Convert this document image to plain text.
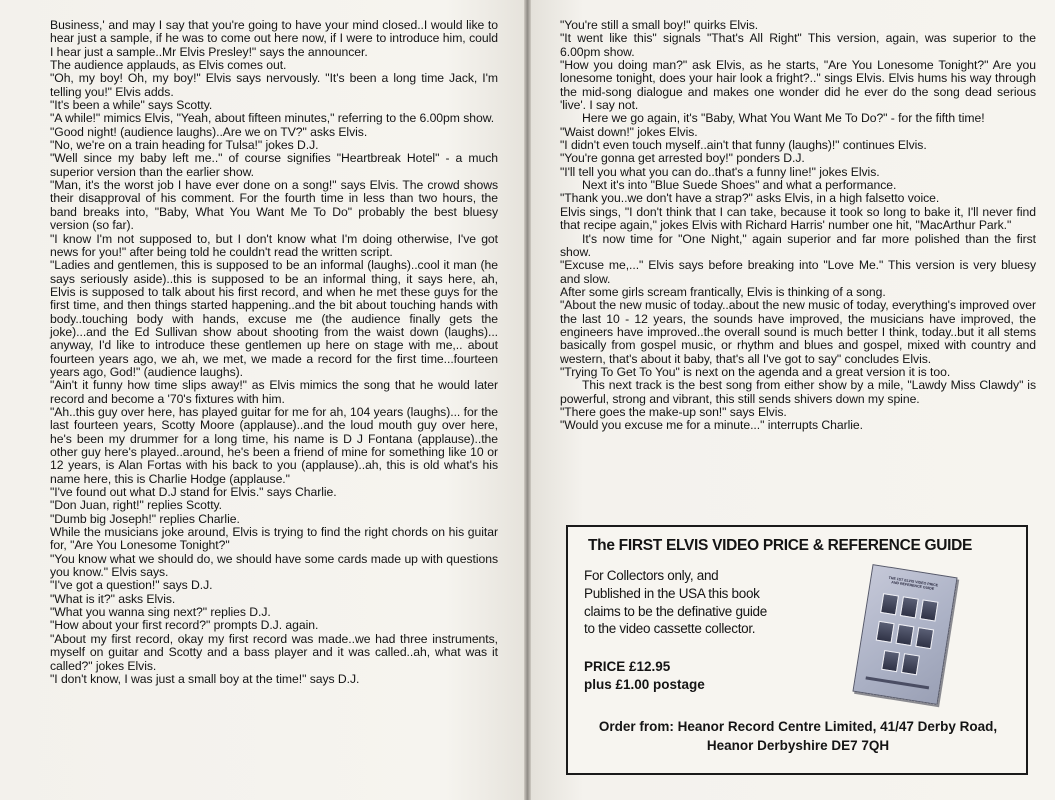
Business,' and may I say that you're going to have your mind closed..I would like to hear just a sample, if he was to come out here now, if I were to introduce him, could I hear just a sample..Mr Elvis Presley!" says the announcer.

The audience applauds, as Elvis comes out.

"Oh, my boy! Oh, my boy!" Elvis says nervously. "It's been a long time Jack, I'm telling you!" Elvis adds.

"It's been a while" says Scotty.

"A while!" mimics Elvis, "Yeah, about fifteen minutes," referring to the 6.00pm show.

"Good night! (audience laughs)..Are we on TV?" asks Elvis.

"No, we're on a train heading for Tulsa!" jokes D.J.

"Well since my baby left me.." of course signifies "Heartbreak Hotel" - a much superior version than the earlier show.

"Man, it's the worst job I have ever done on a song!" says Elvis. The crowd shows their disapproval of his comment. For the fourth time in less than two hours, the band breaks into, "Baby, What You Want Me To Do" probably the best bluesy version (so far).

"I know I'm not supposed to, but I don't know what I'm doing otherwise, I've got news for you!" after being told he couldn't read the written script.

"Ladies and gentlemen, this is supposed to be an informal (laughs)..cool it man (he says seriously aside)..this is supposed to be an informal thing, it says here, ah, Elvis is supposed to talk about his first record, and when he met these guys for the first time, and then things started happening..and the bit about touching hands with body..touching body with hands, excuse me (the audience finally gets the joke)...and the Ed Sullivan show about shooting from the waist down (laughs)... anyway, I'd like to introduce these gentlemen up here on stage with me,.. about fourteen years ago, we ah, we met, we made a record for the first time...fourteen years ago, God!" (audience laughs).

"Ain't it funny how time slips away!" as Elvis mimics the song that he would later record and become a '70's fixtures with him.

"Ah..this guy over here, has played guitar for me for ah, 104 years (laughs)... for the last fourteen years, Scotty Moore (applause)..and the loud mouth guy over here, he's been my drummer for a long time, his name is D J Fontana (applause)..the other guy here's played..around, he's been a friend of mine for something like 10 or 12 years, is Alan Fortas with his back to you (applause)..ah, this is old what's his name here, this is Charlie Hodge (applause."

"I've found out what D.J stand for Elvis." says Charlie.

"Don Juan, right!" replies Scotty.

"Dumb big Joseph!" replies Charlie.

While the musicians joke around, Elvis is trying to find the right chords on his guitar for, "Are You Lonesome Tonight?"

"You know what we should do, we should have some cards made up with questions you know." Elvis says.

"I've got a question!" says D.J.

"What is it?" asks Elvis.

"What you wanna sing next?" replies D.J.

"How about your first record?" prompts D.J. again.

"About my first record, okay my first record was made..we had three instruments, myself on guitar and Scotty and a bass player and it was called..ah, what was it called?" jokes Elvis.

"I don't know, I was just a small boy at the time!" says D.J.

"You're still a small boy!" quirks Elvis.

"It went like this" signals "That's All Right" This version, again, was superior to the 6.00pm show.

"How you doing man?" ask Elvis, as he starts, "Are You Lonesome Tonight?" Are you lonesome tonight, does your hair look a fright?.." sings Elvis. Elvis hums his way through the mid-song dialogue and makes one wonder did he ever do the song dead serious 'live'. I say not.

Here we go again, it's "Baby, What You Want Me To Do?" - for the fifth time!

"Waist down!" jokes Elvis.

"I didn't even touch myself..ain't that funny (laughs)!" continues Elvis.

"You're gonna get arrested boy!" ponders D.J.

"I'll tell you what you can do..that's a funny line!" jokes Elvis.

Next it's into "Blue Suede Shoes" and what a performance.

"Thank you..we don't have a strap?" asks Elvis, in a high falsetto voice.

Elvis sings, "I don't think that I can take, because it took so long to bake it, I'll never find that recipe again," jokes Elvis with Richard Harris' number one hit, "MacArthur Park."

It's now time for "One Night," again superior and far more polished than the first show.

"Excuse me,..." Elvis says before breaking into "Love Me." This version is very bluesy and slow.

After some girls scream frantically, Elvis is thinking of a song.

"About the new music of today..about the new music of today, everything's improved over the last 10 - 12 years, the sounds have improved, the musicians have improved, the engineers have improved..the overall sound is much better I think, today..but it all stems basically from gospel music, or rhythm and blues and gospel, mixed with country and western, that's about it baby, that's all I've got to say" concludes Elvis.

"Trying To Get To You" is next on the agenda and a great version it is too.

This next track is the best song from either show by a mile, "Lawdy Miss Clawdy" is powerful, strong and vibrant, this still sends shivers down my spine.

"There goes the make-up son!" says Elvis.

"Would you excuse me for a minute..." interrupts Charlie.

The FIRST ELVIS VIDEO PRICE & REFERENCE GUIDE
For Collectors only, and
Published in the USA this book
claims to be the definative guide
to the video cassette collector.
PRICE £12.95
plus £1.00 postage
THE 1ST ELVIS VIDEO PRICE AND REFERENCE GUIDE
Order from: Heanor Record Centre Limited, 41/47 Derby Road,
Heanor Derbyshire DE7 7QH
